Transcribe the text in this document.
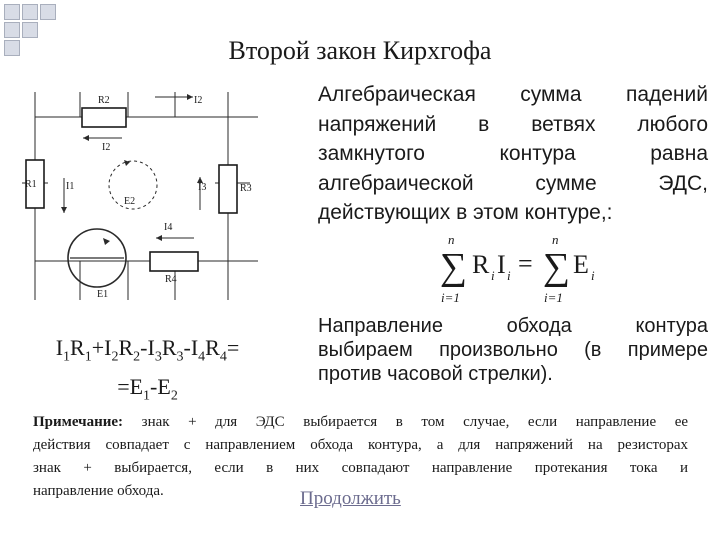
Второй закон Кирхгофа
R2	I2
I2
R1	I1	I3	R3
E2
I4
R4
E1
Алгебраическая сумма падений
напряжений в ветвях любого
замкнутого контура равна
алгебраической сумме ЭДС,
действующих в этом контуре,:
n
∑
i=1
R i I i =
n
∑
i=1
E i
Направление обхода контура
выбираем произвольно (в примере
против часовой стрелки).
$I_1R_1+I_2R_2-I_3R_3-I_4R_4=$
$=E_1-E_2$
Примечание: знак + для ЭДС выбирается в том случае, если направление ее
действия совпадает с направлением обхода контура, а для напряжений на резисторах
знак + выбирается, если в них совпадают направление протекания тока и
направление обхода.	Продолжить
